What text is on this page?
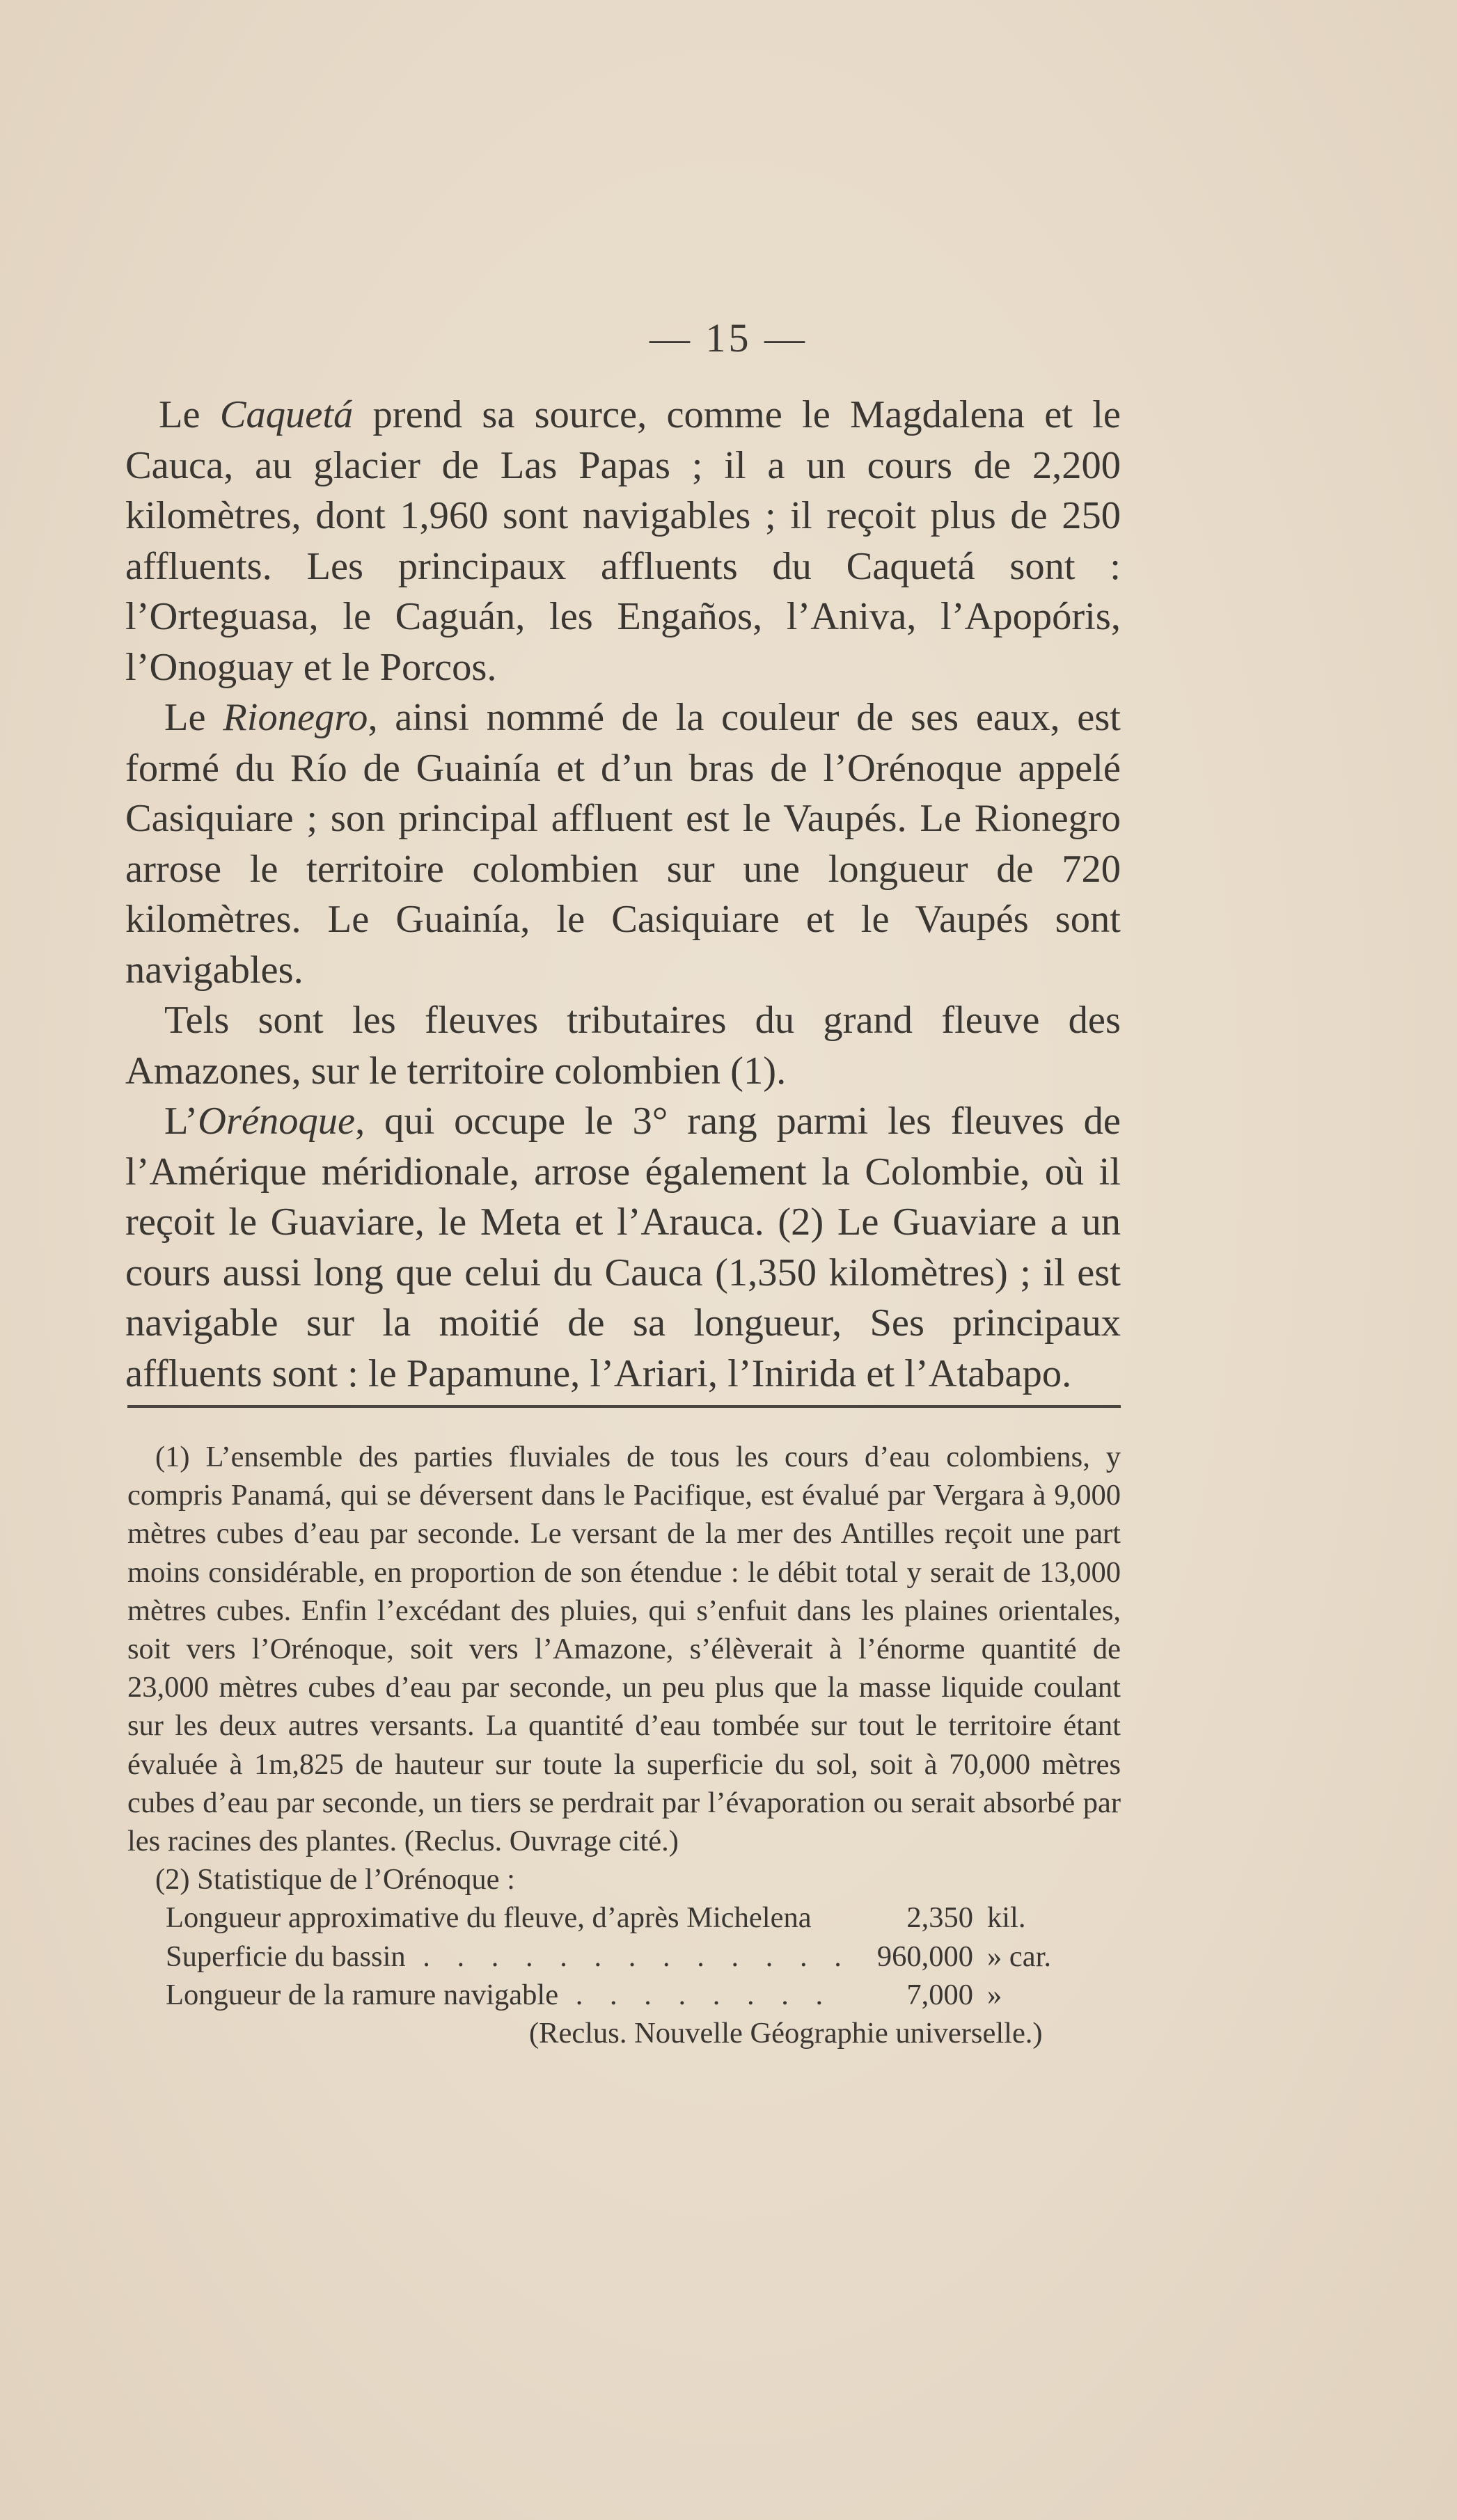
— 15 —

Le Caquetá prend sa source, comme le Magdalena et le Cauca, au glacier de Las Papas ; il a un cours de 2,200 kilomètres, dont 1,960 sont navigables ; il reçoit plus de 250 affluents. Les principaux affluents du Caquetá sont : l’Orteguasa, le Caguán, les Engaños, l’Aniva, l’Apopóris, l’Onoguay et le Porcos.

Le Rionegro, ainsi nommé de la couleur de ses eaux, est formé du Río de Guainía et d’un bras de l’Orénoque appelé Casiquiare ; son principal affluent est le Vaupés. Le Rionegro arrose le territoire colombien sur une longueur de 720 kilomètres. Le Guainía, le Casiquiare et le Vaupés sont navigables.

Tels sont les fleuves tributaires du grand fleuve des Amazones, sur le territoire colombien (1).

L’Orénoque, qui occupe le 3° rang parmi les fleuves de l’Amérique méridionale, arrose également la Colombie, où il reçoit le Guaviare, le Meta et l’Arauca. (2) Le Guaviare a un cours aussi long que celui du Cauca (1,350 kilomètres) ; il est navigable sur la moitié de sa longueur, Ses principaux affluents sont : le Papamune, l’Ariari, l’Inirida et l’Atabapo.

(1) L’ensemble des parties fluviales de tous les cours d’eau colombiens, y compris Panamá, qui se déversent dans le Pacifique, est évalué par Vergara à 9,000 mètres cubes d’eau par seconde. Le versant de la mer des Antilles reçoit une part moins considérable, en proportion de son étendue : le débit total y serait de 13,000 mètres cubes. Enfin l’excédant des pluies, qui s’enfuit dans les plaines orientales, soit vers l’Orénoque, soit vers l’Amazone, s’élèverait à l’énorme quantité de 23,000 mètres cubes d’eau par seconde, un peu plus que la masse liquide coulant sur les deux autres versants. La quantité d’eau tombée sur tout le territoire étant évaluée à 1m,825 de hauteur sur toute la superficie du sol, soit à 70,000 mètres cubes d’eau par seconde, un tiers se perdrait par l’évaporation ou serait absorbé par les racines des plantes. (Reclus. Ouvrage cité.)

(2) Statistique de l’Orénoque :

Longueur approximative du fleuve, d’après Michelena	2,350 kil.
Superficie du bassin . . .	960,000 » car.
Longueur de la ramure navigable . . .	7,000 »
(Reclus. Nouvelle Géographie universelle.)
